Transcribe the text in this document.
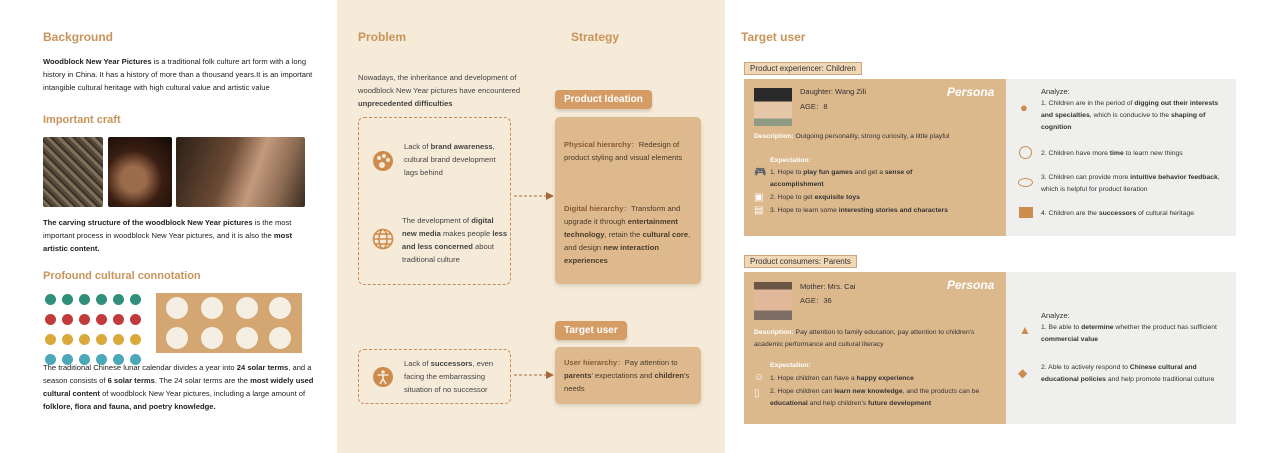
Background
Woodblock New Year Pictures is a traditional folk culture art form with a long history in China. It has a history of more than a thousand years.It is an important intangible cultural heritage with high cultural value and artistic value
Important craft
The carving structure of the woodblock New Year pictures is the most important process in woodblock New Year pictures, and it is also the most artistic content.
Profound cultural connotation
The traditional Chinese lunar calendar divides a year into 24 solar terms, and a season consists of 6 solar terms. The 24 solar terms are the most widely used cultural content of woodblock New Year pictures, including a large amount of folklore, flora and fauna, and poetry knowledge.
Problem	Strategy
Nowadays, the inheritance and development of woodblock New Year pictures have encountered unprecedented difficulties
Lack of brand awareness, cultural brand development lags behind
The development of digital new media makes people less and less concerned about traditional culture
Lack of successors, even facing the embarrassing situation of no successor
Product Ideation
Physical hierarchy：Redesign of product styling and visual elements
Digital hierarchy：Transform and upgrade it through entertainment technology, retain the cultural core, and design new interaction experiences
Target user
User hierarchy：Pay attention to parents' expectations and children's needs
Target user
Product experiencer: Children
Daughter: Wang Zili
AGE：8
Persona
Description: Outgoing personality, strong curiosity, a little playful
Expectation:
🎮 1. Hope to play fun games and get a sense of accomplishment
▣ 2. Hope to get exquisite toys
▤ 3. Hope to learn some interesting stories and characters
Analyze:
● 1. Children are in the period of digging out their interests and specialties, which is conducive to the shaping of cognition
2. Children have more time to learn new things
3. Children can provide more intuitive behavior feedback, which is helpful for product iteration
4. Children are the successors of cultural heritage
Product consumers: Parents
Mother: Mrs. Cai
AGE：36
Persona
Description: Pay attention to family education, pay attention to children's academic performance and cultural literacy
Expectation:
☺ 1. Hope children can have a happy experience
▯ 2. Hope children can learn new knowledge, and the products can be educational and help children's future development
Analyze:
▲ 1. Be able to determine whether the product has sufficient commercial value
◆ 2. Able to actively respond to Chinese cultural and educational policies and help promote traditional culture
